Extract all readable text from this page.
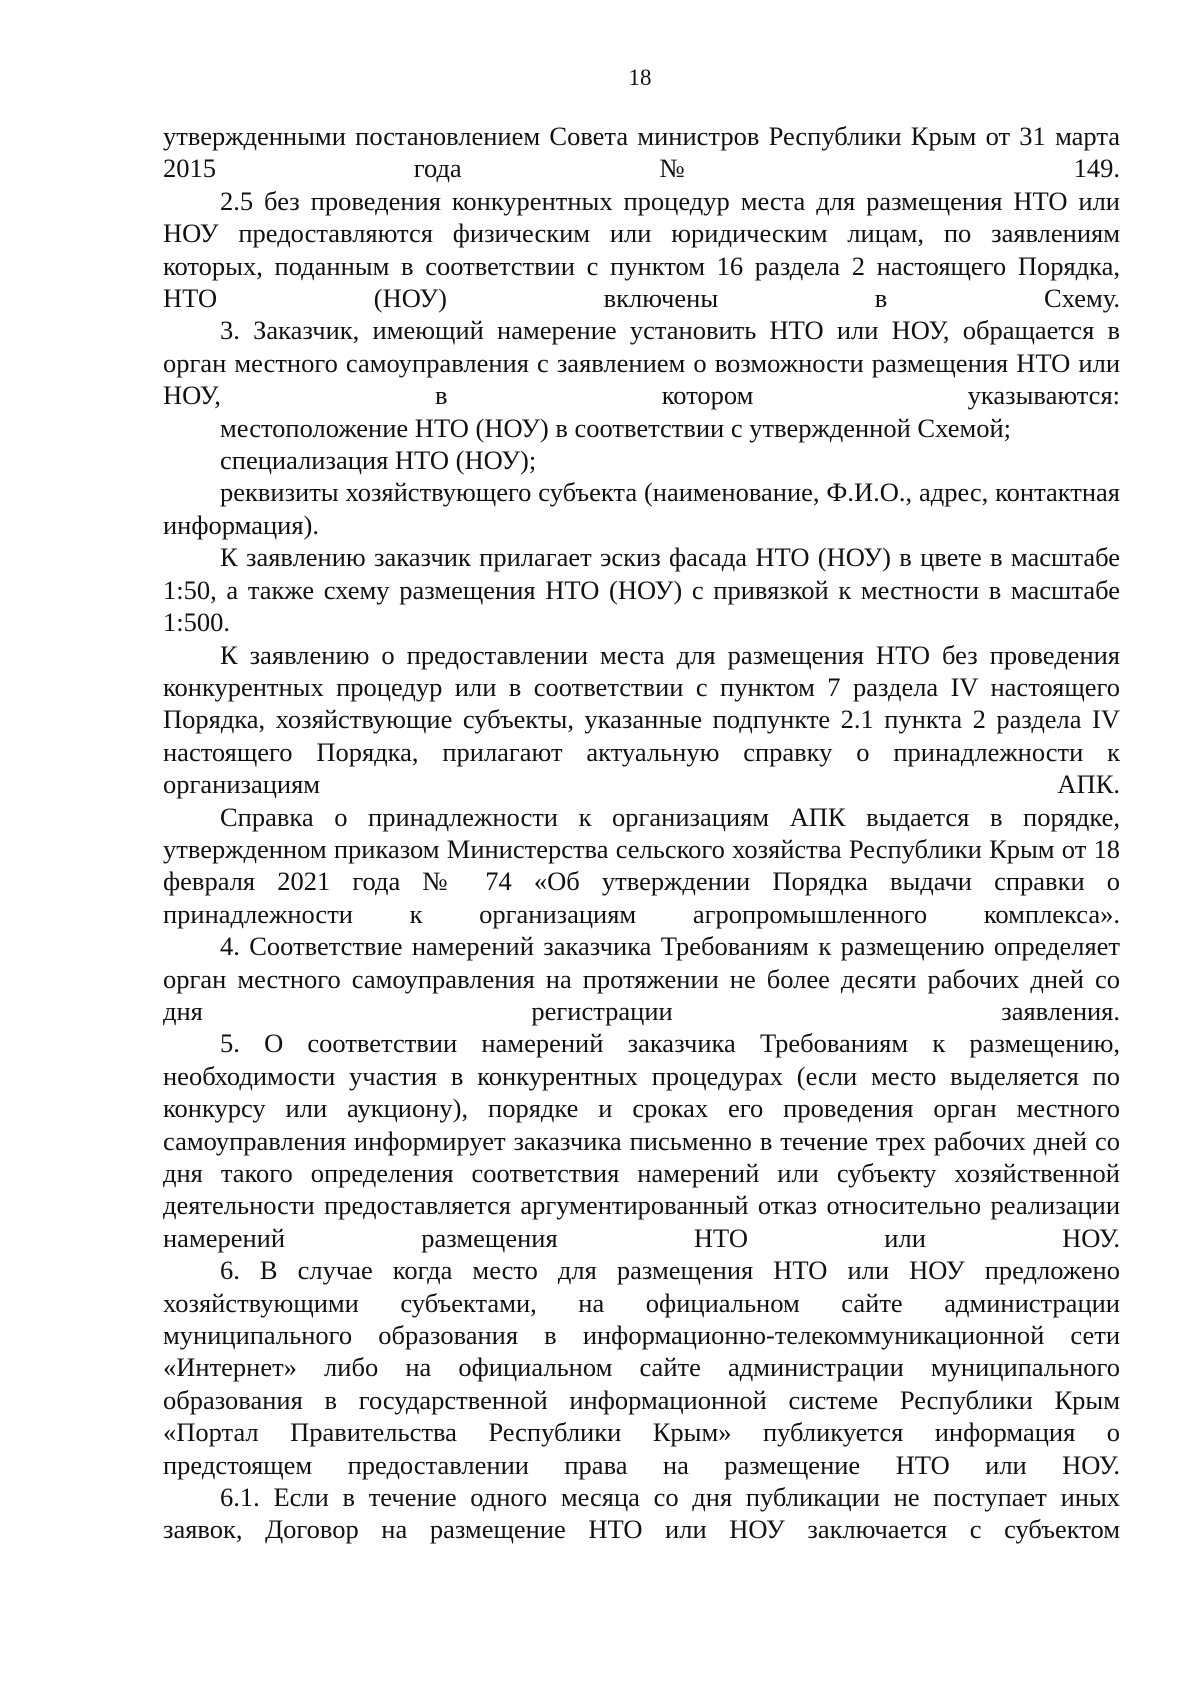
18

утвержденными постановлением Совета министров Республики Крым от 31 марта 2015 года № 149.

2.5 без проведения конкурентных процедур места для размещения НТО или НОУ предоставляются физическим или юридическим лицам, по заявлениям которых, поданным в соответствии с пунктом 16 раздела 2 настоящего Порядка, НТО (НОУ) включены в Схему.

3. Заказчик, имеющий намерение установить НТО или НОУ, обращается в орган местного самоуправления с заявлением о возможности размещения НТО или НОУ, в котором указываются:

местоположение НТО (НОУ) в соответствии с утвержденной Схемой;

специализация НТО (НОУ);

реквизиты хозяйствующего субъекта (наименование, Ф.И.О., адрес, контактная информация).

К заявлению заказчик прилагает эскиз фасада НТО (НОУ) в цвете в масштабе 1:50, а также схему размещения НТО (НОУ) с привязкой к местности в масштабе 1:500.

К заявлению о предоставлении места для размещения НТО без проведения конкурентных процедур или в соответствии с пунктом 7 раздела IV настоящего Порядка, хозяйствующие субъекты, указанные подпункте 2.1 пункта 2 раздела IV настоящего Порядка, прилагают актуальную справку о принадлежности к организациям АПК.

Справка о принадлежности к организациям АПК выдается в порядке, утвержденном приказом Министерства сельского хозяйства Республики Крым от 18 февраля 2021 года № 74 «Об утверждении Порядка выдачи справки о принадлежности к организациям агропромышленного комплекса».

4. Соответствие намерений заказчика Требованиям к размещению определяет орган местного самоуправления на протяжении не более десяти рабочих дней со дня регистрации заявления.

5. О соответствии намерений заказчика Требованиям к размещению, необходимости участия в конкурентных процедурах (если место выделяется по конкурсу или аукциону), порядке и сроках его проведения орган местного самоуправления информирует заказчика письменно в течение трех рабочих дней со дня такого определения соответствия намерений или субъекту хозяйственной деятельности предоставляется аргументированный отказ относительно реализации намерений размещения НТО или НОУ.

6. В случае когда место для размещения НТО или НОУ предложено хозяйствующими субъектами, на официальном сайте администрации муниципального образования в информационно-телекоммуникационной сети «Интернет» либо на официальном сайте администрации муниципального образования в государственной информационной системе Республики Крым «Портал Правительства Республики Крым» публикуется информация о предстоящем предоставлении права на размещение НТО или НОУ.

6.1. Если в течение одного месяца со дня публикации не поступает иных заявок, Договор на размещение НТО или НОУ заключается с субъектом
